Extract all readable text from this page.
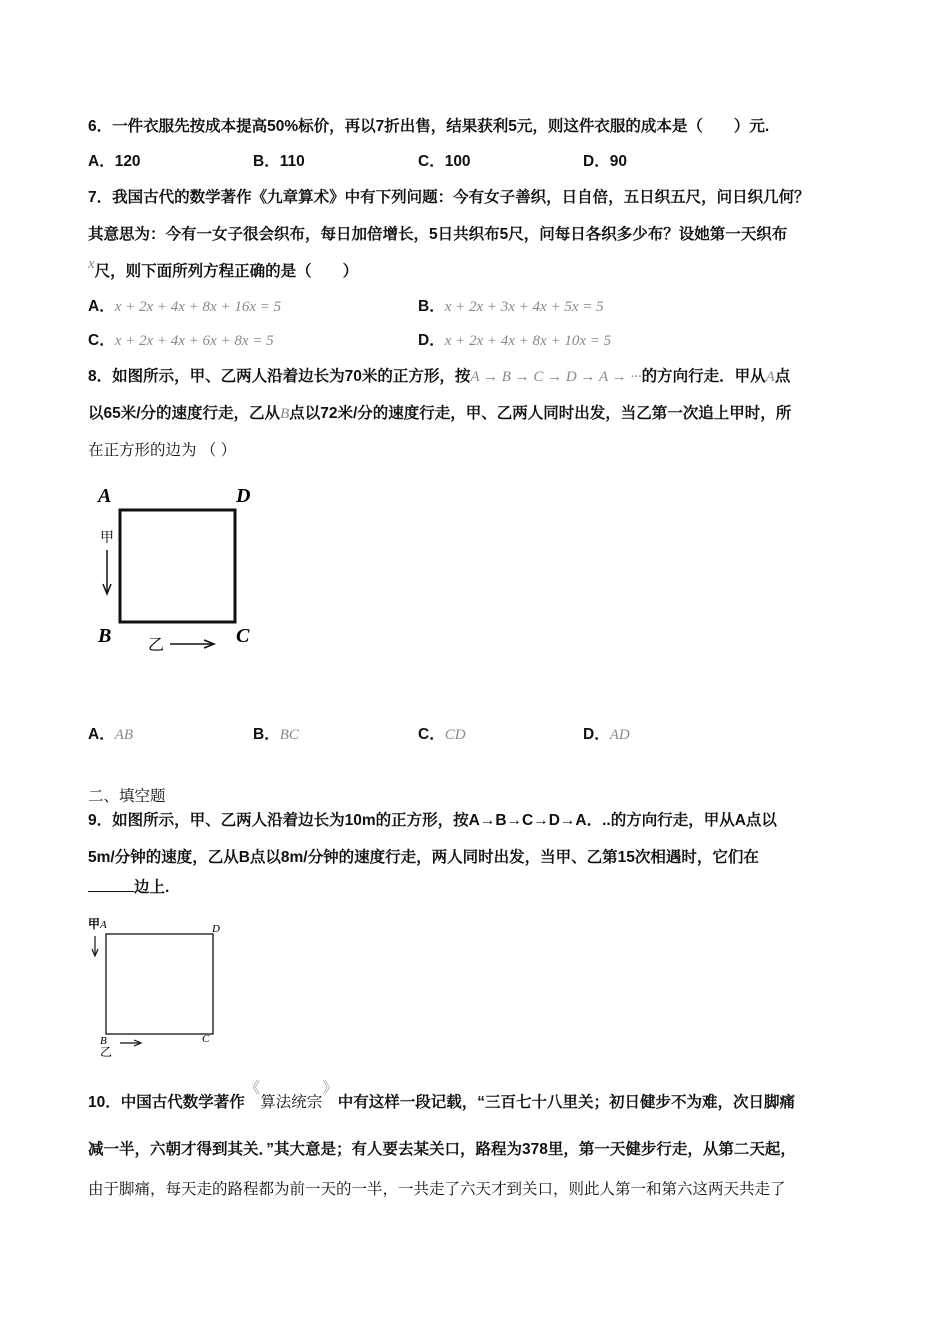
6．一件衣服先按成本提高50%标价，再以7折出售，结果获利5元，则这件衣服的成本是（　　）元.
A．120	B．110	C．100	D．90
7．我国古代的数学著作《九章算术》中有下列问题：今有女子善织，日自倍，五日织五尺，问日织几何？
其意思为：今有一女子很会织布，每日加倍增长，5日共织布5尺，问每日各织多少布？设她第一天织布
x尺，则下面所列方程正确的是（　　）
A．x + 2x + 4x + 8x + 16x = 5	B．x + 2x + 3x + 4x + 5x = 5
C．x + 2x + 4x + 6x + 8x = 5	D．x + 2x + 4x + 8x + 10x = 5
8．如图所示，甲、乙两人沿着边长为70米的正方形，按A → B → C → D → A → ···的方向行走．甲从A点
以65米/分的速度行走，乙从B点以72米/分的速度行走，甲、乙两人同时出发，当乙第一次追上甲时，所
在正方形的边为 （ ）
A	D
B	C
甲
乙
A．AB	B．BC	C．CD	D．AD
二、填空题
9．如图所示，甲、乙两人沿着边长为10m的正方形，按A→B→C→D→A．..的方向行走，甲从A点以
5m/分钟的速度，乙从B点以8m/分钟的速度行走，两人同时出发，当甲、乙第15次相遇时，它们在
边上.
甲 A	D
B	C
乙
10．中国古代数学著作《算法统宗》中有这样一段记载，“三百七十八里关；初日健步不为难，次日脚痛
减一半，六朝才得到其关．”其大意是；有人要去某关口，路程为378里，第一天健步行走，从第二天起，
由于脚痛，每天走的路程都为前一天的一半，一共走了六天才到关口，则此人第一和第六这两天共走了
